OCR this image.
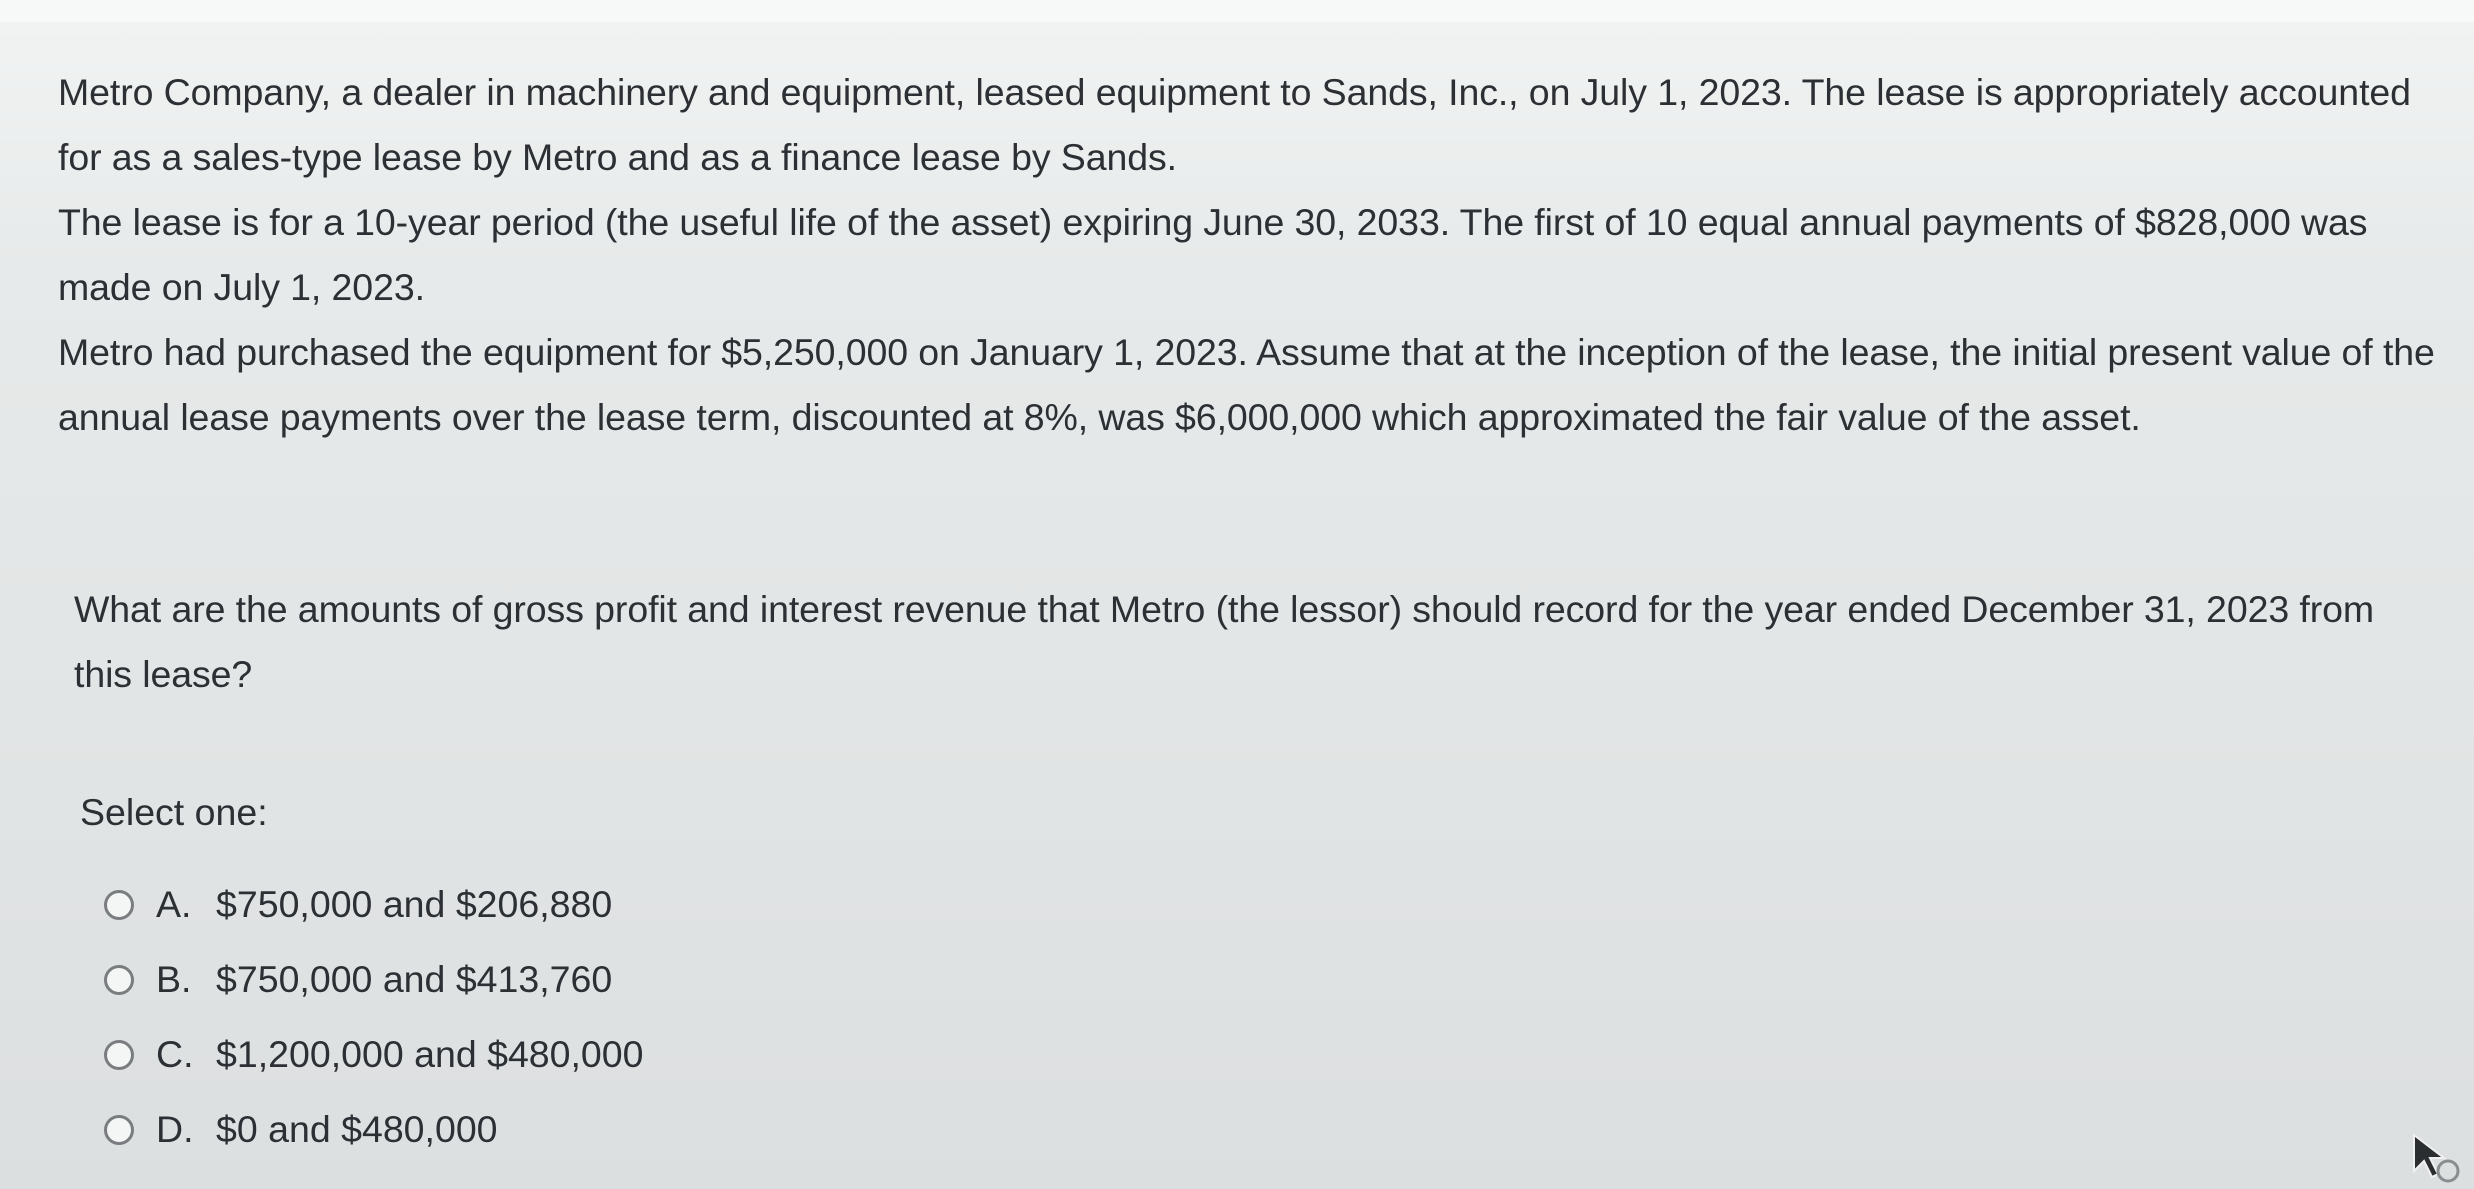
Metro Company, a dealer in machinery and equipment, leased equipment to Sands, Inc., on July 1, 2023. The lease is appropriately accounted for as a sales-type lease by Metro and as a finance lease by Sands.

The lease is for a 10-year period (the useful life of the asset) expiring June 30, 2033. The first of 10 equal annual payments of $828,000 was made on July 1, 2023.

Metro had purchased the equipment for $5,250,000 on January 1, 2023. Assume that at the inception of the lease, the initial present value of the annual lease payments over the lease term, discounted at 8%, was $6,000,000 which approximated the fair value of the asset.

What are the amounts of gross profit and interest revenue that Metro (the lessor) should record for the year ended December 31, 2023 from this lease?

Select one:
A. $750,000 and $206,880
B. $750,000 and $413,760
C. $1,200,000 and $480,000
D. $0 and $480,000
